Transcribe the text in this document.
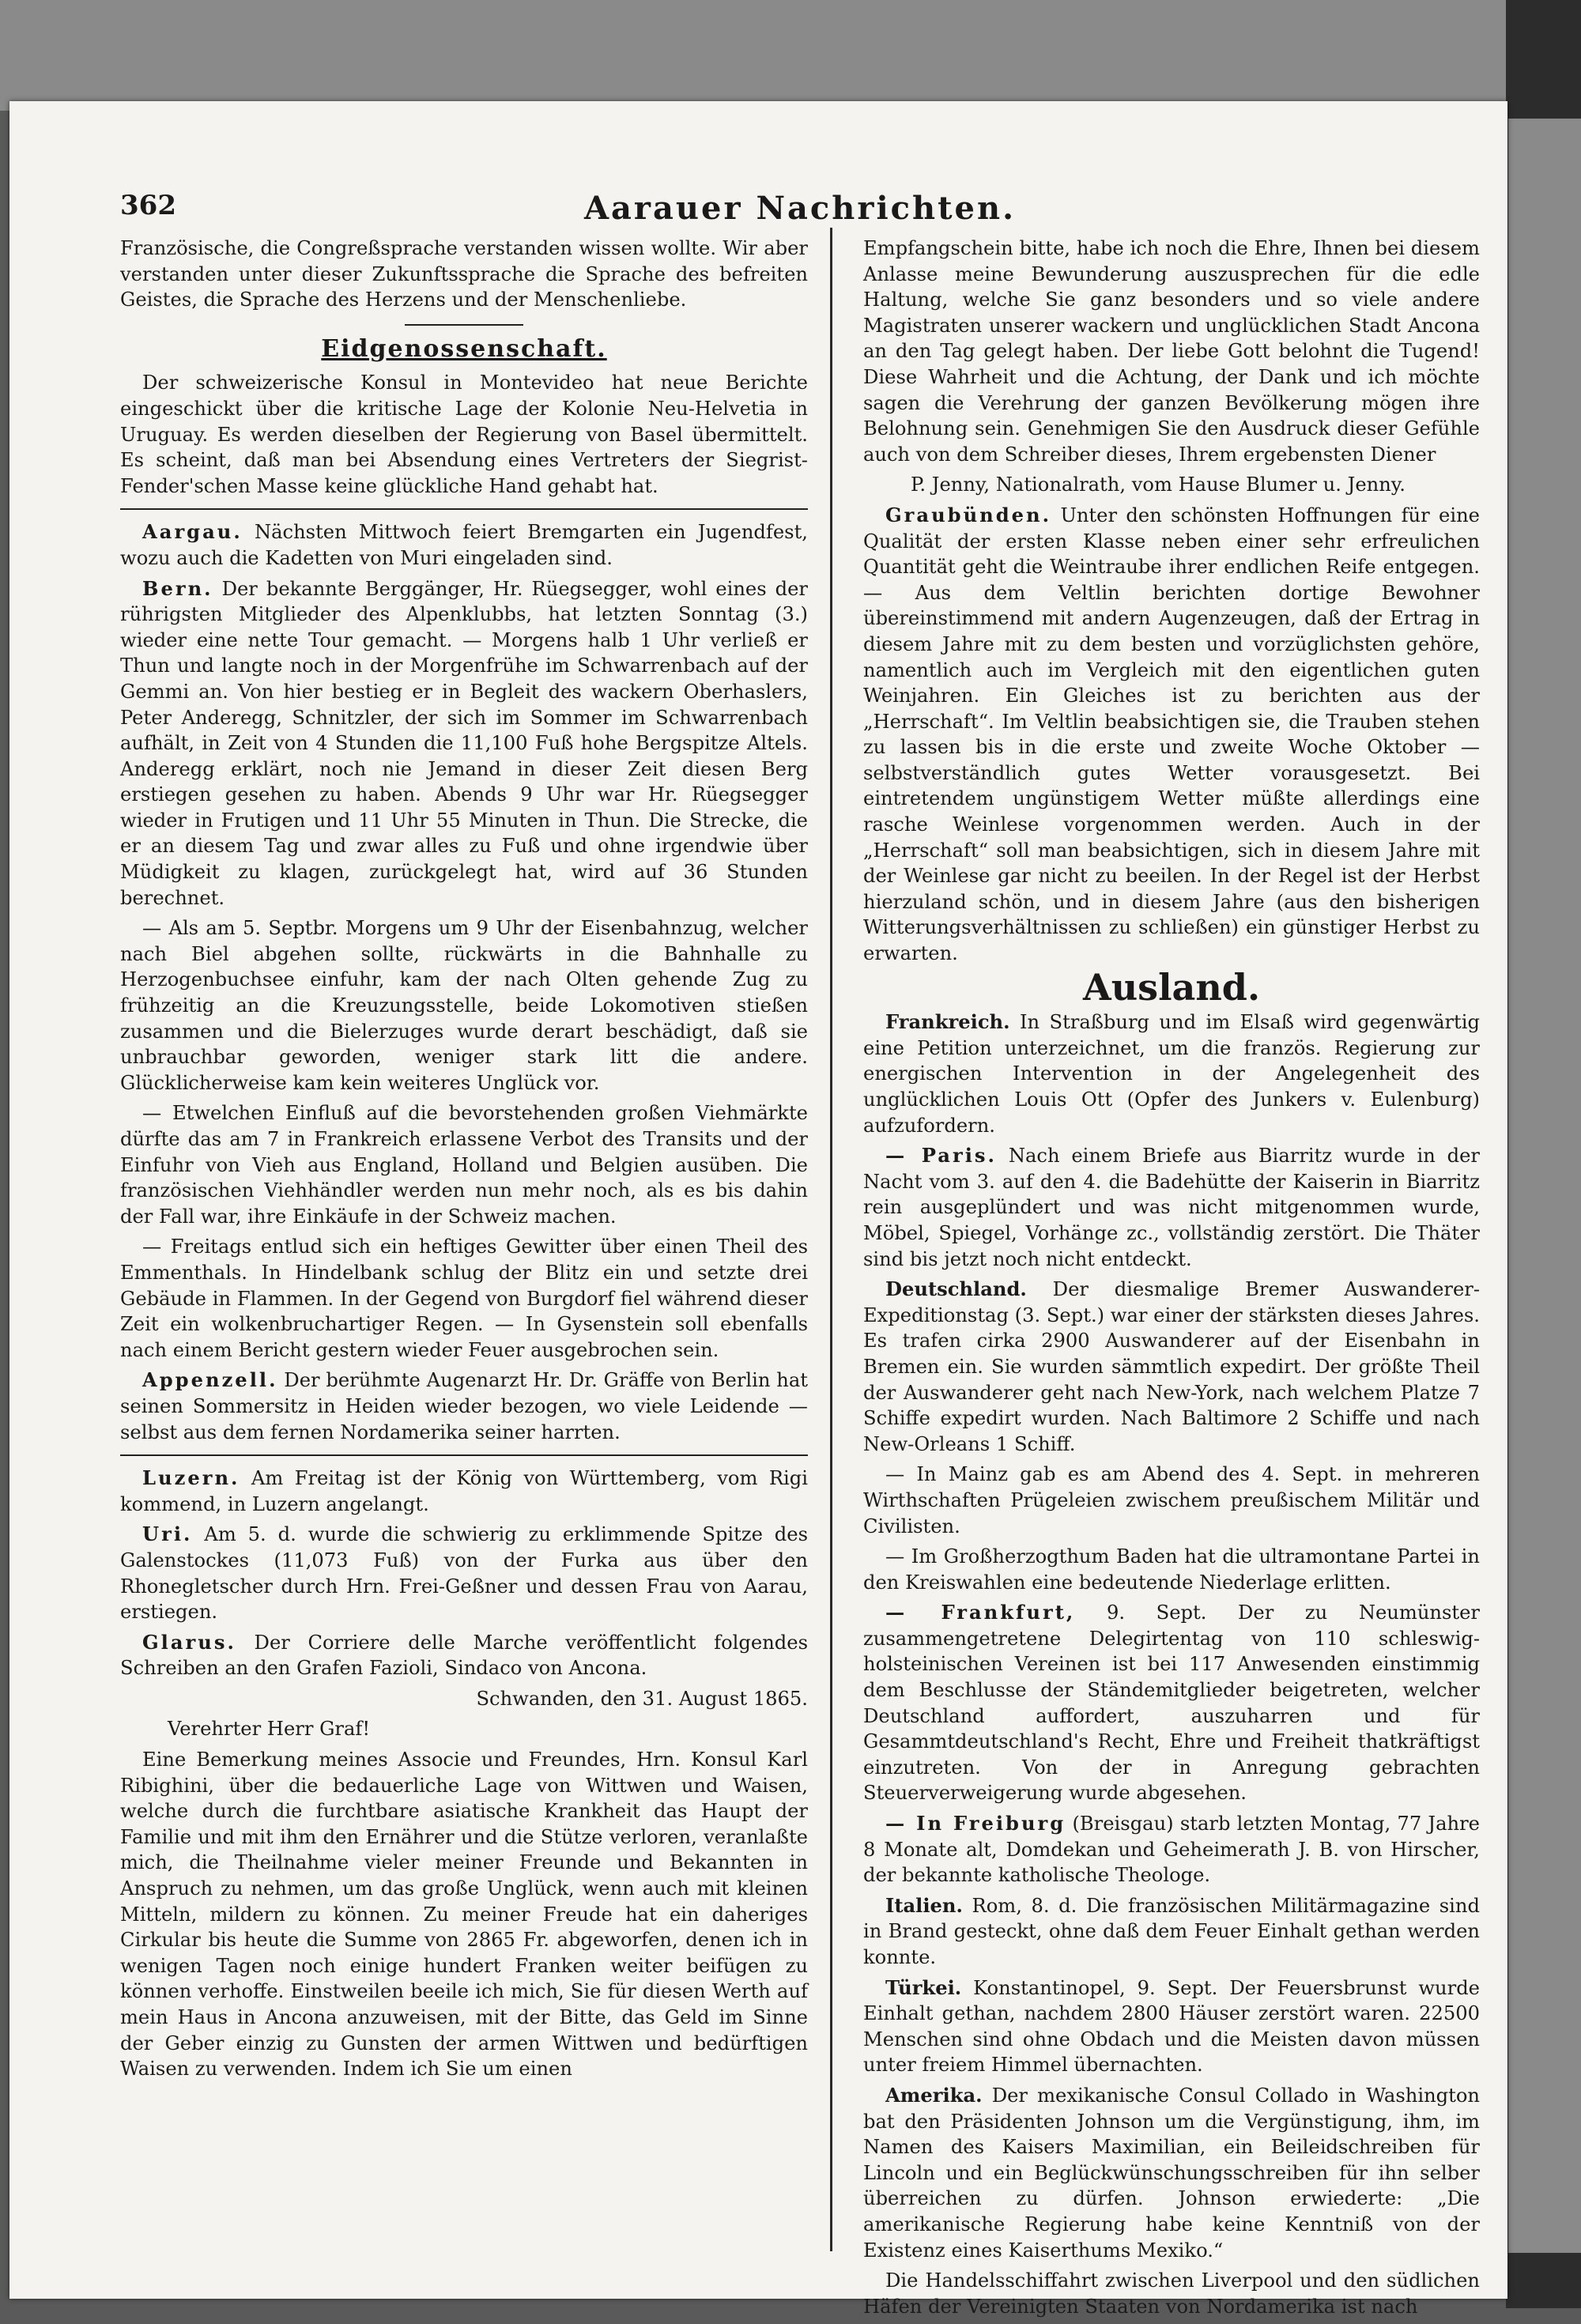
362	Aarauer Nachrichten.

Französische, die Congreßsprache verstanden wissen wollte. Wir aber verstanden unter dieser Zukunftssprache die Sprache des befreiten Geistes, die Sprache des Herzens und der Menschenliebe.

Eidgenossenschaft.

Der schweizerische Konsul in Montevideo hat neue Berichte eingeschickt über die kritische Lage der Kolonie Neu-Helvetia in Uruguay. Es werden dieselben der Regierung von Basel übermittelt. Es scheint, daß man bei Absendung eines Vertreters der Siegrist-Fender'schen Masse keine glückliche Hand gehabt hat.

Aargau. Nächsten Mittwoch feiert Bremgarten ein Jugendfest, wozu auch die Kadetten von Muri eingeladen sind.

Bern. Der bekannte Berggänger, Hr. Rüegsegger, wohl eines der rührigsten Mitglieder des Alpenklubbs, hat letzten Sonntag (3.) wieder eine nette Tour gemacht. — Morgens halb 1 Uhr verließ er Thun und langte noch in der Morgenfrühe im Schwarrenbach auf der Gemmi an. Von hier bestieg er in Begleit des wackern Oberhaslers, Peter Anderegg, Schnitzler, der sich im Sommer im Schwarrenbach aufhält, in Zeit von 4 Stunden die 11,100 Fuß hohe Bergspitze Altels. Anderegg erklärt, noch nie Jemand in dieser Zeit diesen Berg erstiegen gesehen zu haben. Abends 9 Uhr war Hr. Rüegsegger wieder in Frutigen und 11 Uhr 55 Minuten in Thun. Die Strecke, die er an diesem Tag und zwar alles zu Fuß und ohne irgendwie über Müdigkeit zu klagen, zurückgelegt hat, wird auf 36 Stunden berechnet.

— Als am 5. Septbr. Morgens um 9 Uhr der Eisenbahnzug, welcher nach Biel abgehen sollte, rückwärts in die Bahnhalle zu Herzogenbuchsee einfuhr, kam der nach Olten gehende Zug zu frühzeitig an die Kreuzungsstelle, beide Lokomotiven stießen zusammen und die Bielerzuges wurde derart beschädigt, daß sie unbrauchbar geworden, weniger stark litt die andere. Glücklicherweise kam kein weiteres Unglück vor.

— Etwelchen Einfluß auf die bevorstehenden großen Viehmärkte dürfte das am 7 in Frankreich erlassene Verbot des Transits und der Einfuhr von Vieh aus England, Holland und Belgien ausüben. Die französischen Viehhändler werden nun mehr noch, als es bis dahin der Fall war, ihre Einkäufe in der Schweiz machen.

— Freitags entlud sich ein heftiges Gewitter über einen Theil des Emmenthals. In Hindelbank schlug der Blitz ein und setzte drei Gebäude in Flammen. In der Gegend von Burgdorf fiel während dieser Zeit ein wolkenbruchartiger Regen. — In Gysenstein soll ebenfalls nach einem Bericht gestern wieder Feuer ausgebrochen sein.

Appenzell. Der berühmte Augenarzt Hr. Dr. Gräffe von Berlin hat seinen Sommersitz in Heiden wieder bezogen, wo viele Leidende — selbst aus dem fernen Nordamerika seiner harrten.

Luzern. Am Freitag ist der König von Württemberg, vom Rigi kommend, in Luzern angelangt.

Uri. Am 5. d. wurde die schwierig zu erklimmende Spitze des Galenstockes (11,073 Fuß) von der Furka aus über den Rhonegletscher durch Hrn. Frei-Geßner und dessen Frau von Aarau, erstiegen.

Glarus. Der Corriere delle Marche veröffentlicht folgendes Schreiben an den Grafen Fazioli, Sindaco von Ancona.

Schwanden, den 31. August 1865.
Verehrter Herr Graf!

Eine Bemerkung meines Associe und Freundes, Hrn. Konsul Karl Ribighini, über die bedauerliche Lage von Wittwen und Waisen, welche durch die furchtbare asiatische Krankheit das Haupt der Familie und mit ihm den Ernährer und die Stütze verloren, veranlaßte mich, die Theilnahme vieler meiner Freunde und Bekannten in Anspruch zu nehmen, um das große Unglück, wenn auch mit kleinen Mitteln, mildern zu können. Zu meiner Freude hat ein daheriges Cirkular bis heute die Summe von 2865 Fr. abgeworfen, denen ich in wenigen Tagen noch einige hundert Franken weiter beifügen zu können verhoffe. Einstweilen beeile ich mich, Sie für diesen Werth auf mein Haus in Ancona anzuweisen, mit der Bitte, das Geld im Sinne der Geber einzig zu Gunsten der armen Wittwen und bedürftigen Waisen zu verwenden. Indem ich Sie um einen

Empfangschein bitte, habe ich noch die Ehre, Ihnen bei diesem Anlasse meine Bewunderung auszusprechen für die edle Haltung, welche Sie ganz besonders und so viele andere Magistraten unserer wackern und unglücklichen Stadt Ancona an den Tag gelegt haben. Der liebe Gott belohnt die Tugend! Diese Wahrheit und die Achtung, der Dank und ich möchte sagen die Verehrung der ganzen Bevölkerung mögen ihre Belohnung sein. Genehmigen Sie den Ausdruck dieser Gefühle auch von dem Schreiber dieses, Ihrem ergebensten Diener

P. Jenny, Nationalrath, vom Hause Blumer u. Jenny.

Graubünden. Unter den schönsten Hoffnungen für eine Qualität der ersten Klasse neben einer sehr erfreulichen Quantität geht die Weintraube ihrer endlichen Reife entgegen. — Aus dem Veltlin berichten dortige Bewohner übereinstimmend mit andern Augenzeugen, daß der Ertrag in diesem Jahre mit zu dem besten und vorzüglichsten gehöre, namentlich auch im Vergleich mit den eigentlichen guten Weinjahren. Ein Gleiches ist zu berichten aus der „Herrschaft“. Im Veltlin beabsichtigen sie, die Trauben stehen zu lassen bis in die erste und zweite Woche Oktober — selbstverständlich gutes Wetter vorausgesetzt. Bei eintretendem ungünstigem Wetter müßte allerdings eine rasche Weinlese vorgenommen werden. Auch in der „Herrschaft“ soll man beabsichtigen, sich in diesem Jahre mit der Weinlese gar nicht zu beeilen. In der Regel ist der Herbst hierzuland schön, und in diesem Jahre (aus den bisherigen Witterungsverhältnissen zu schließen) ein günstiger Herbst zu erwarten.

Ausland.

Frankreich. In Straßburg und im Elsaß wird gegenwärtig eine Petition unterzeichnet, um die französ. Regierung zur energischen Intervention in der Angelegenheit des unglücklichen Louis Ott (Opfer des Junkers v. Eulenburg) aufzufordern.

— Paris. Nach einem Briefe aus Biarritz wurde in der Nacht vom 3. auf den 4. die Badehütte der Kaiserin in Biarritz rein ausgeplündert und was nicht mitgenommen wurde, Möbel, Spiegel, Vorhänge zc., vollständig zerstört. Die Thäter sind bis jetzt noch nicht entdeckt.

Deutschland. Der diesmalige Bremer Auswanderer-Expeditionstag (3. Sept.) war einer der stärksten dieses Jahres. Es trafen cirka 2900 Auswanderer auf der Eisenbahn in Bremen ein. Sie wurden sämmtlich expedirt. Der größte Theil der Auswanderer geht nach New-York, nach welchem Platze 7 Schiffe expedirt wurden. Nach Baltimore 2 Schiffe und nach New-Orleans 1 Schiff.

— In Mainz gab es am Abend des 4. Sept. in mehreren Wirthschaften Prügeleien zwischem preußischem Militär und Civilisten.

— Im Großherzogthum Baden hat die ultramontane Partei in den Kreiswahlen eine bedeutende Niederlage erlitten.

— Frankfurt, 9. Sept. Der zu Neumünster zusammengetretene Delegirtentag von 110 schleswig-holsteinischen Vereinen ist bei 117 Anwesenden einstimmig dem Beschlusse der Ständemitglieder beigetreten, welcher Deutschland auffordert, auszuharren und für Gesammtdeutschland's Recht, Ehre und Freiheit thatkräftigst einzutreten. Von der in Anregung gebrachten Steuerverweigerung wurde abgesehen.

— In Freiburg (Breisgau) starb letzten Montag, 77 Jahre 8 Monate alt, Domdekan und Geheimerath J. B. von Hirscher, der bekannte katholische Theologe.

Italien. Rom, 8. d. Die französischen Militärmagazine sind in Brand gesteckt, ohne daß dem Feuer Einhalt gethan werden konnte.

Türkei. Konstantinopel, 9. Sept. Der Feuersbrunst wurde Einhalt gethan, nachdem 2800 Häuser zerstört waren. 22500 Menschen sind ohne Obdach und die Meisten davon müssen unter freiem Himmel übernachten.

Amerika. Der mexikanische Consul Collado in Washington bat den Präsidenten Johnson um die Vergünstigung, ihm, im Namen des Kaisers Maximilian, ein Beileidschreiben für Lincoln und ein Beglückwünschungsschreiben für ihn selber überreichen zu dürfen. Johnson erwiederte: „Die amerikanische Regierung habe keine Kenntniß von der Existenz eines Kaiserthums Mexiko.“

Die Handelsschiffahrt zwischen Liverpool und den südlichen Häfen der Vereinigten Staaten von Nordamerika ist nach
